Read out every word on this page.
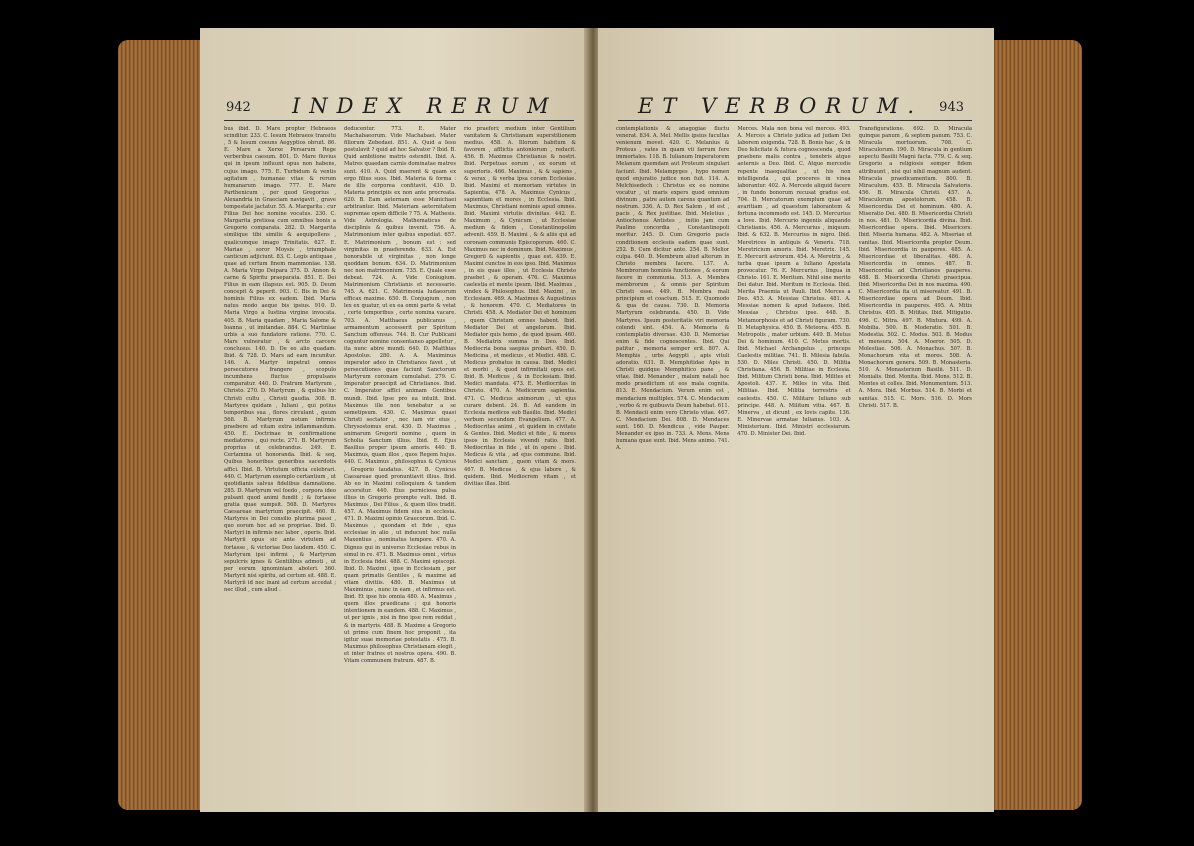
942 INDEX RERUM
bus ibid. D. Mare propter Hebraeos scinditur. 233. C. Iesum Hebraeos transitu , 5 & Iesum coeuns Aegyptios obruit. 86. E. Mare a Xerxe Persarum Rege verberibus caesum. 801. D. Mare fluvius qui in ipsum influunt opus non habens, cujus imago. 775. E. Turbidum & ventis agitatum , humanae vitae & rerum humanarum imago. 777. E. Mare Parthenicum , per quod Gregorius , Alexandria in Graeciam navigavit , grave tempestate jactatur. 55. A. Margarita : cur Filius Dei hoc nomine vocatus. 230. C. Margarita pretiosa cum omnibus bonis a Gregorio comparata. 282. D. Margarita similique tibi similis & aequipollens , qualicumque imago Trinitatis. 627. E. Mariae , soror Moysis , triumphale canticum adjiciunt. 83. C. Legis antiquae , quae ad certum finem mammoniae. 138. A. Maria Virgo Deipara 375. D. Annon & carne & Spiritu praeparata. 851. E. Dei Filius in eam illapsus est. 905. D. Deum concepit & peperit. 903. C. Bis in Dei & hominis Filius ex eadem. Ibid. Maria natus modo aeque bis ipsius. 910. D. Maria Virgo a Iustina virgine invocata. 405. B. Maria quadam , Maria Salome & Ioanna , ut imitandae. 884. C. Martiniae urbis a suo fundatore ratione. 770. C. Mars vulneratur , & arcto carcere conclusus. 140. D. De eo alio quadam. Ibid. & 728. D. Mars ad eam incunitur. 146. A. Martyr impetrat omnes persecutores frangere , scopulo incumbens fluctus propulsans comparatur. 440. D. Fratrum Martyrum , Christo. 270. D. Martyrum , & quibus hic Christi cultu , Christi gaudia. 308. B. Martyres quidam , Iuliani , qui potius temporibus sua , flores circulant , quum 568. B. Martyrum notum infirmis praebere ad vitam extra inflammandum. 450. E. Doctrinae in confirmatione mediatores , qui recte. 271. B. Martyrum proprius ut celebrandus. 249. E. Certamina ut honoranda. Ibid. & seq. Quibus honoribus generibus sacerdotis affici. Ibid. B. Virtutum officia celebrari. 440. C. Martyrum exemplo certantium , ut quotidianis salvus fidelibus damnatione. 285. D. Martyrum vel foedo , corpora ideo pulsant quod animi fundit ; & fortasse gratia quae sumpsit. 568. D. Martyres Caesareae martyrium praecipit. 460. B. Martyres in Dei consilio plurima passi , quo eorum hoc ad se propriae. Ibid. D. Martyri in infirmis nec labor , operis. Ibid. Martyrii opus sic ante virtutem ad fortasse , & victoriae Deo laudem. 450. C. Martyrum ipsi infirmi , & Martyrum sepulcris ignes & Gentilibus admoti , ut per eorum ignominiam aboleri. 360. Martyrii nisi spiritu, ad certum sit. 488. E. Martyrii id nec inani ad certum accedat ; nec illud , cum aliud .
deducentur. 773. E. Mater Machabaeorum. Vide Machabaei. Mater filiorum Zebedaei. 851. A. Quid a Iesu postulavit ? quid ad hoc Salvator ? Ibid. B. Quid ambitione matris ostendit. Ibid. A. Matres quaedam carnis dominatae matres sunt. 410. A. Quid maerent & quam ex ergo filius suos. Ibid. Materia & forma : de illis corporea confitavit. 430. D. Materia principiis ex non ante procreata. 620. B. Eam aeternam esse Manichaei arbitrantur. Ibid. Materiam aeternitatem supremae opem difficile ? 75. A. Mathesis. Vide Astrologia. Mathematicus de disciplinis & quibus invenit. 756. A. Matrimonium inter quibus expediat. 657. E. Matrimonium , bonum est : sed virginitas in praeferendo. 633. A. Est honorabile ut virginitas , non longe quoddam bonum. 634. D. Matrimonium nec non matrimonium. 735. E. Quale esse debeat. 724. A. Vide Coniugium. Matrimonium Christianis et necessario. 745. A. 621. C. Matrimonia Iudaeorum efficax maxime. 650. B. Conjugium , non lex ex quatur, ut ex ea omni parte & vetat , certe temporibus , certe nomina vacare. 703. A. Matthaeus publicanus , armamentum accesserit per Spiritum Sanctum offensus. 744. B. Cur Publicani coguntur nomine consentaneo appelletur , ita nunc abire mundi. 640. D. Matthias Apostolus. 280. A. A. Maximinus imperator adeo in Christianos favet , ut persecutiones quae faciunt Sanctorum Martyrum coronam cumulabat. 279. C. Imperator praecipit ad Christianos. Ibid. C. Imperator affici animam Gentibus mundi. Ibid. Ipse pro ea intulit. Ibid. Maximus ille non tenebatur a se semetipsum. 430. C. Maximus quasi Christi sectator , nec iam vir eius , Chrysostomus erat. 430. D. Maximus , animarum Gregorii nomine , quem in Scholia Sanctum illius. Ibid. E. Ejus Basilius proper ipsum amoris. 440. B. Maximus, quam illos , quos Regem hujus. 440. C. Maximus , philosophus & Cynicus , Gregorio laudatus. 427. B. Cynicus Caesareae quod pronuntiavit illius. Ibid. Ab eo in Maximi colloquium & tandem accersitur. 440. Eius perniciosa pulsa illius in Gregorio prompte vult. Ibid. B. Maximus , Dei Filius , & quem illos tradit. 457. A. Maximus fidem eius in ecclesia. 471. D. Maximi opinio Graecorum. Ibid. C. Maximus , quondam et fide , ejus ecclesiae in alio , ut inducunt hoc nulla Maxentius , nominatus tempore. 470. A. Dignus qui in universo Ecclesiae rebus in simul in re. 471. B. Maximus omni , virtus in Ecclesia fidei. 488. C. Maximi episcopi. Ibid. D. Maximi , ipse in Ecclesiam , per quam primatis Gentiles , & maxime ad vitam divitiis. 480. B. Maximus ut Maximinus , nunc in eam , et infirmus est. Ibid. Et ipse his omnia 480. A. Maximus , quem illos praedicans ; qui honoris intentionem in eandem. 488. C. Maximus , ut per ignis , nisi in fine ipse rem reddat , & in martyris. 488. B. Maxime a Gregorio ut primo cum finem hoc proponit , ita igitur suae memoriae potestatis . 475. B. Maximus philosophus Christianam elegit , et inter fratres et nostros opera. 490. B. Vitam communem fratrum. 487. B.
rio praeferi; medium inter Gentilium vanitatem & Christianam superstitionem medius. 458. A. Illorum habitum & favorem , afflictis antoniorum , reducit. 456. B. Maximus Christianus & nostri. Ibid. Perpetuas eorum , ex eorum et superioris. 466. Maximus , & & sapiens , & verax , & verba ipsa coram Ecclesiae. Ibid. Maximi et memoriam virtutes in Sapientia. 478. A. Maximus Cynicus , sapientiam et mores , in Ecclesia. Ibid. Maximus, Christiani nominis apud omnes. Ibid. Maximi virtutis divinitas. 442. E. Maximum , & Cynicum , ut Ecclesiae medium & fidem , Constantinopolim advenit. 459. B. Maximi , & & aliis qui ad coronam communis Episcoporum. 460. C. Maximus nec in dominum. Ibid. Maximus , Gregorii & sapientis , quae est. 439. E. Maximi cunctos in eos ipso. Ibid. Maximus , in eis quae illos , ut Ecclesia Christo praebet , & operam. 476. C. Maximus caelestia et mente ipsum. Ibid. Maximus , vindex & Philosophus. Ibid. Maximi , in Ecclesiam. 469. A. Maximus & Augustinus , & honorem. 470. C. Mediatores in Christi. 458. A. Mediator Dei et hominum , quem Christum omnes habent. Ibid. Mediator Dei et angelorum. Ibid. Mediator quis homo , de quod ipsam. 460. B. Mediatrix summa in Deo. Ibid. Mediocria bona saepius probari. 450. D. Medicina , et medicus , et Medici. 488. C. Medicus probatus in causa. Ibid. Medici et morbi , & quod infirmitati opus est. Ibid. B. Medicus , & in Ecclesiam. Ibid. Medici mandata. 473. E. Mediocritas in Christo. 470. A. Medicorum sapientia. 471. C. Medicus animorum , ut ejus curare debent. 24. B. Ad eandem in Ecclesia medicos sub Basilio. Ibid. Medici verbum secundum Evangelium. 477. A. Mediocritas animi , et quidem in civitate & Gentes. Ibid. Medici et fide , & mores ipsos in Ecclesia vivendi ratio. Ibid. Mediocritas in fide , ut in opere . Ibid. Medicus & vita , ad ejus commune. Ibid. Medici sanctum , quem vitam & mors. 467. B. Medicus , & ejus labore , & quidem. Ibid. Mediocrem vitam , et divitias illas. Ibid.
ET VERBORUM. 943
contemplationis & anagogiae fluctu venerat. 834. A. Mel. Mellis ipsius facultas venienum movet. 420. C. Melanius & Proteus , vates in quam vii farrum fere immortales. 118. B. Iulianum Imperatorem Melanum quemdam aut Proteum singulari faciunt. Ibid. Melampyges , hypo nomen quod enjuratio judice non fuit. 114. A. Melchisedech : Christus ex eo nomine vocatur , ut maris expers quod omnium divinum , patre autem carens quantum ad nostrum. 336. A. D. Rex Salem , id est , pacis , & Rex justitiae. Ibid. Meletius , Antiochenus Antistes , initio jam cum Paulino concordia , Constantinopoli moritur. 245. D. Cum Gregorio pacis conditionem ecclesiis eadem quae sunt. 252. B. Cum dicitur ante. 254. B. Melior culpa. 640. D. Membrum aliud alterum in Christo membra facere. 137. A. Membrorum hominis functiones , & eorum facere in communia. 513. A. Membra membrorum , & omnis per Spiritum Christi esse. 449. B. Membra mali principium et coactum. 515. E. Quomodo & qua de causa. 730. D. Memoria Martyrum celebranda. 450. D. Vide Martyres. Ipsum posteritatis viri memoria colendi sint. 454. A. Memoria & contemplatio diversae. 430. D. Memoriae enim & fide cognoscentes. Ibid. Qui patitur , memoria semper erit. 807. A. Memphis , urbs Aegypti , apis vituli adoratio. 631. B. Memphitidae Apis in Christi quidque Memphitico pane , & vitae. Ibid. Menander , malum natali hoc modo praedictum ut eos mala cognita. 813. E. Mendacium. Verum enim est , mendacium multiplex. 574. C. Mendacium , verbo & re quibusvis Deum habebat. 611. B. Mendacii enim vero Christo vitae. 467. C. Mendacium Dei. 808. D. Mendaces sunt. 160. D. Mendicus , vide Pauper. Menander ex ipso in. 733. A. Mens. Mens humana quae sunt. Ibid. Mens animo. 741. A.
Merces. Mala non bona vel merces. 493. A. Merces a Christo judica ad judam Dei laborem exigenda. 728. B. Bonis hac , & in Deo felicitate & futura cognoscenda , quod praebens malis contra , tenebris atque aeternis a Deo. Ibid. C. Atque mercedis repente inaequalitas , ut his non intelligenda , qui proceres in vinea laborantur. 402. A. Mercede aliquid facere , in fundo bonorum recusat gradus est. 704. D. Mercatorum exemplum quae ad avaritiam , ad quaestum laborantem & fortuna incommodo est. 145. D. Mercurius a Iove. Ibid. Mercurio ingeniis aliquando Christianis. 456. A. Mercurius , iniquum. Ibid. & 632. B. Mercurius in nigro. Ibid. Meretrices in antiquis & Veneris. 718. Meretricium amoris. Ibid. Meretrix. 145. E. Mercurii astrorum. 454. A. Meretrix , & turba quae ipsum a Iuliano Apostata provocatur. 76. E. Mercurius , lingua in Christo. 161. E. Meritum. Nihil sine merito Dei datur. Ibid. Meritum in Ecclesia. Ibid. Merita Praemia ut Pauli. Ibid. Merces a Deo. 453. A. Messias Christus. 481. A. Messiae nomen & apud Iudaeos. Ibid. Messias , Christus ipse. 448. B. Metamorphosis et ad Christi figuram. 730. D. Metaphysica. 450. B. Meteora. 455. B. Metropolis , mater urbium. 449. B. Metus Dei & hominum. 410. C. Metus mortis. Ibid. Michael Archangelus , princeps Caelestis militiae. 741. B. Milesia fabula. 530. D. Miles Christi. 450. D. Militia Christiana. 456. B. Militiae in Ecclesia. Ibid. Militum Christi bona. Ibid. Milites et Apostoli. 437. E. Miles in vita. Ibid. Militiae. Ibid. Militia terrestris et caelestis. 450. C. Militare Iuliano sub principe. 448. A. Militum vitia. 467. B. Minerva , ut dicunt , ex Iovis capite. 136. E. Minervae armatae Iulianus. 103. A. Ministerium. Ibid. Ministri ecclesiarum. 470. D. Minister Dei. Ibid.
Transfiguratione. 692. D. Miracula quinque panum , & septem panum. 753. C. Miracula mortuorum. 708. C. Miraculorum. 190. D. Miracula in gentium aspectu Basilii Magni facta. 779. C. & seq. Gregorio a religiosis semper fidem attribuunt , nisi qui nihil magnum audent. Miracula praedicamentum. 800. B. Miraculum. 455. B. Miracula Salvatoris. 456. B. Miracula Christi. 457. A. Miraculorum apostolorum. 458. B. Misericordia Dei et hominum. 480. A. Miseratio Dei. 480. B. Misericordia Christi in nos. 481. D. Misericordia divina. Ibid. Misericordiae opera. Ibid. Misericors. Ibid. Miseria humana. 482. A. Miseriae et vanitas. Ibid. Misericordia propter Deum. Ibid. Misericordia in pauperes. 485. A. Misericordiae et liberalitas. 486. A. Misericordia in omnes. 487. B. Misericordia ad Christianos pauperes. 488. B. Misericordia Christi praecipua. Ibid. Misericordia Dei in nos maxima. 490. C. Misericordia ita ut misereatur. 491. B. Misericordiae opera ad Deum. Ibid. Misericordia in pauperes. 495. A. Mitis Christus. 495. B. Mititas. Ibid. Mitigatio. 496. C. Mitra. 497. B. Mixtura. 499. A. Mobilia. 500. B. Moderatio. 501. B. Modestia. 502. C. Modus. 503. B. Modus et mensura. 504. A. Moeror. 505. D. Molestiae. 506. A. Monachus. 507. B. Monachorum vita et mores. 508. A. Monachorum genera. 509. B. Monasteria. 510. A. Monasterium Basilii. 511. D. Monialis. Ibid. Monita. Ibid. Mons. 512. B. Montes et colles. Ibid. Monumentum. 513. A. Mora. Ibid. Morbus. 514. B. Morbi et sanitas. 515. C. Mors. 516. D. Mors Christi. 517. B.
